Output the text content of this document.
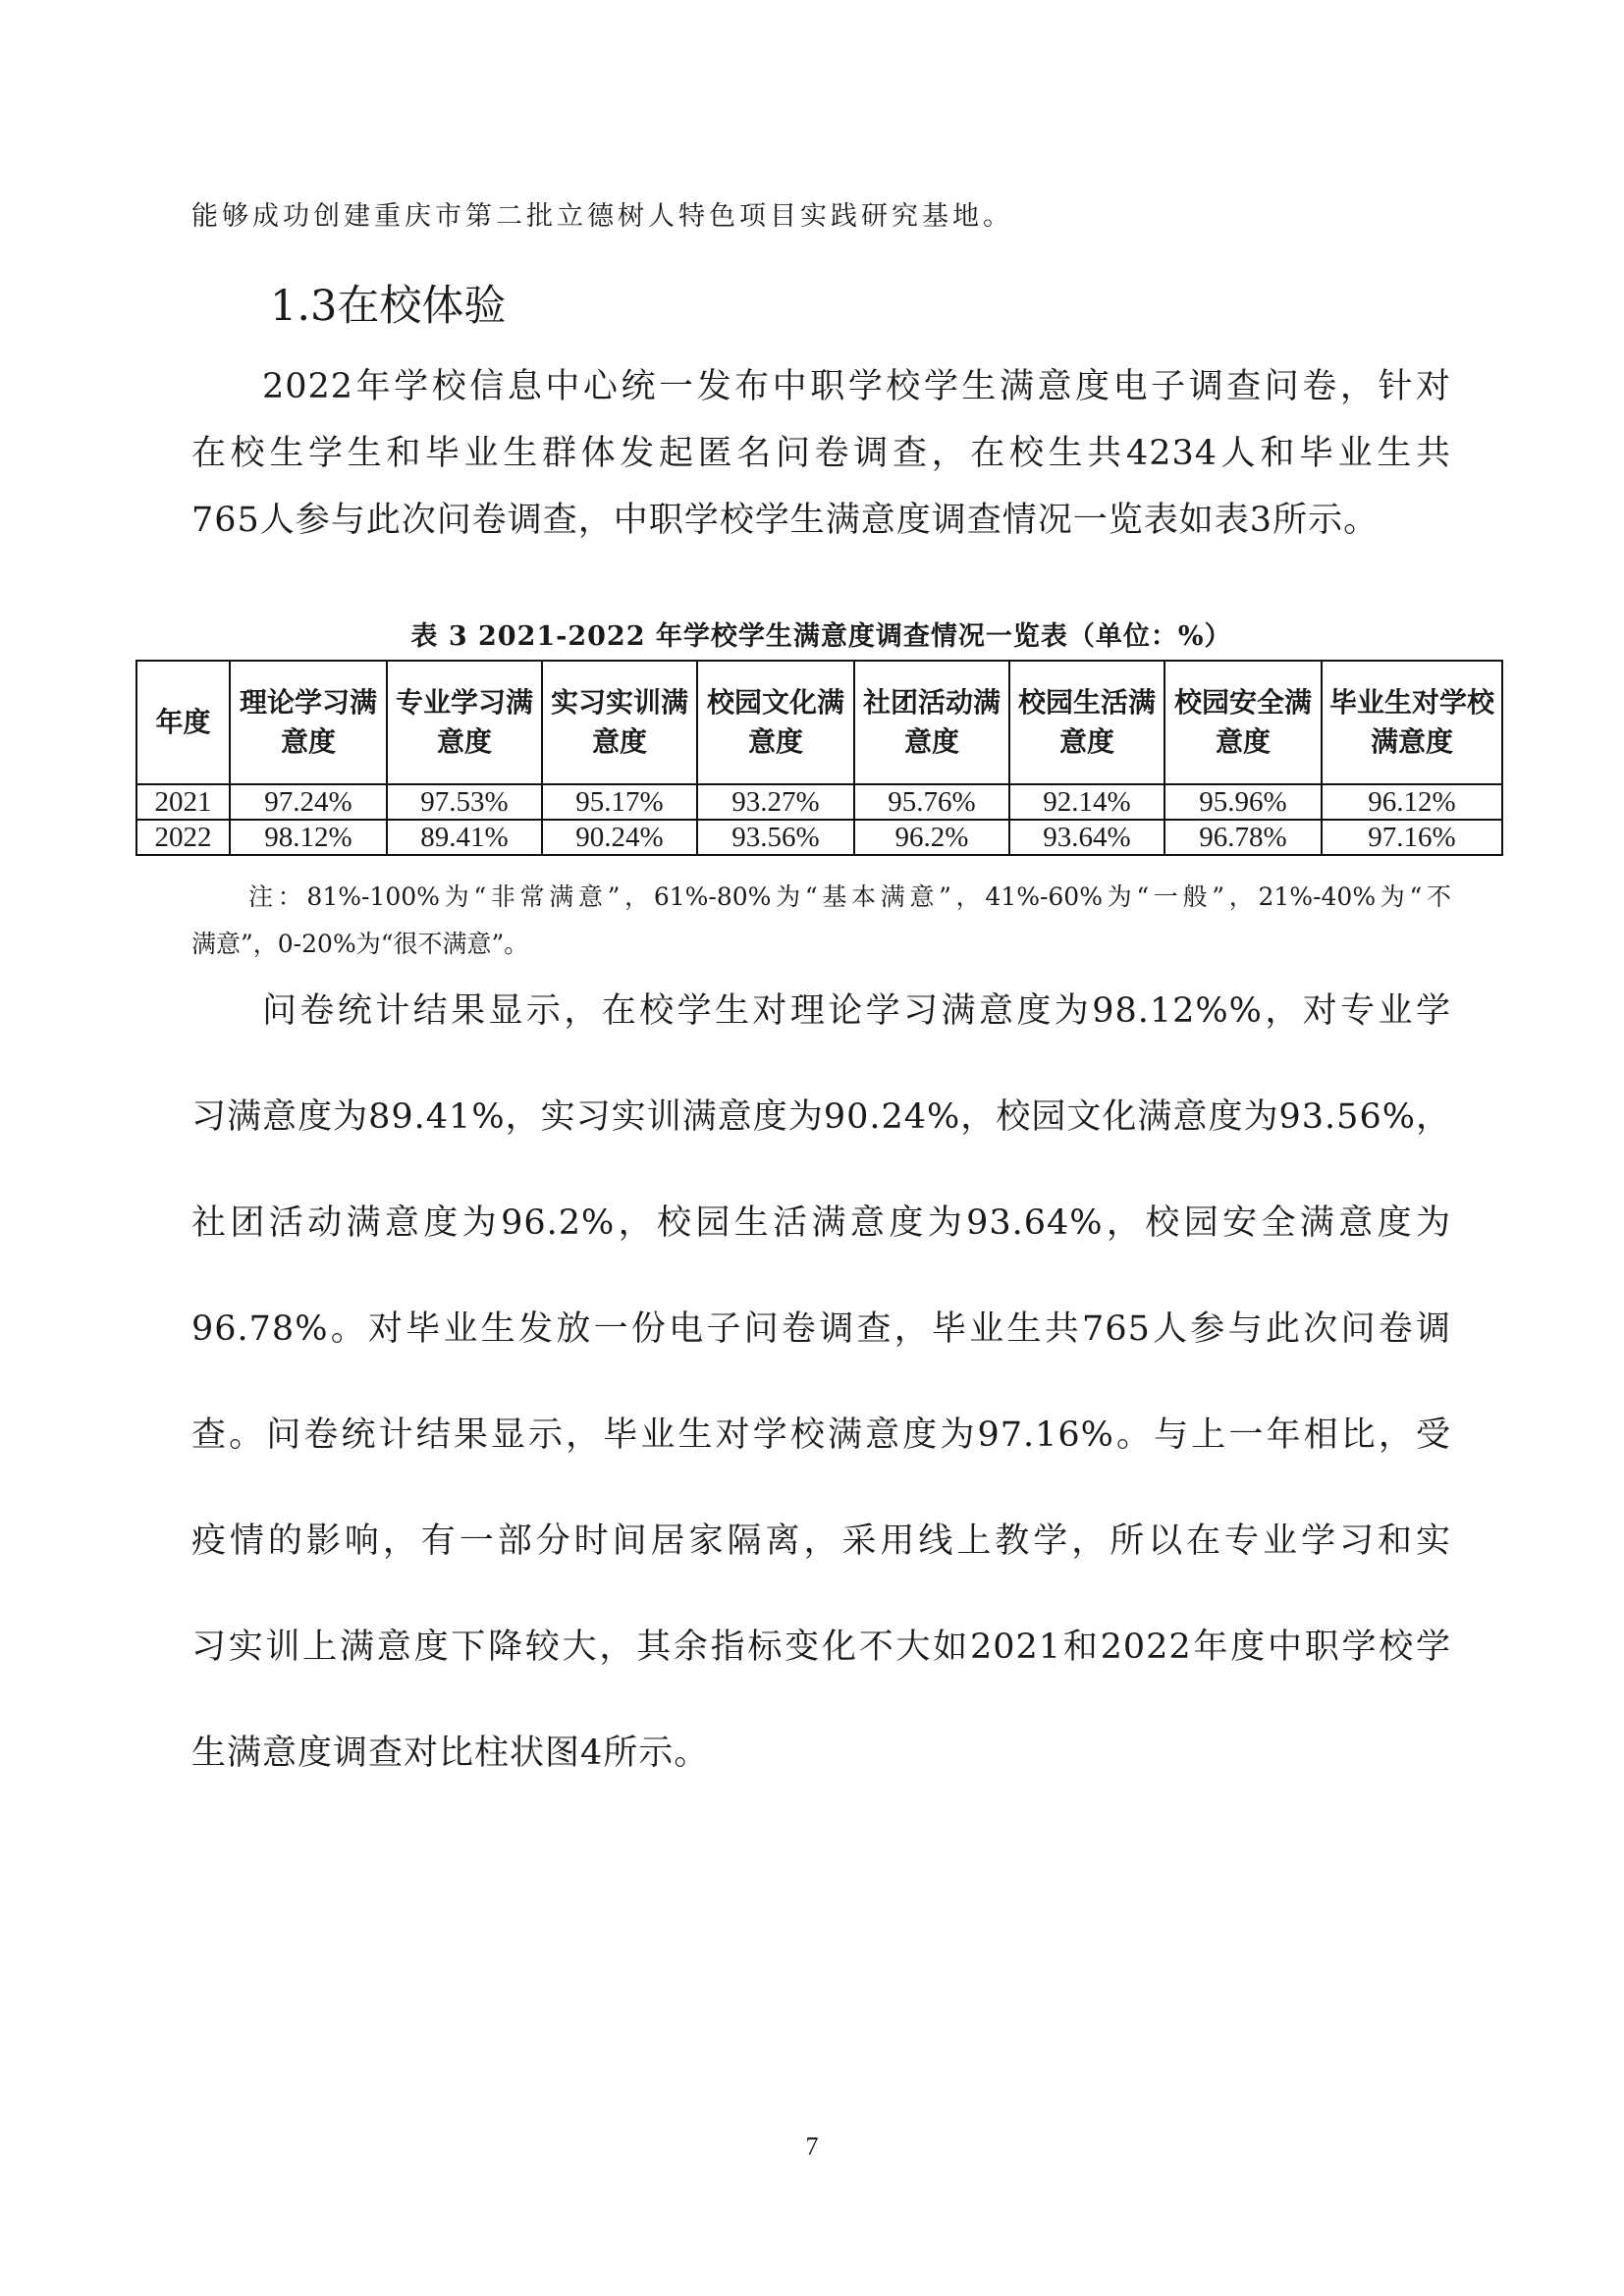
能够成功创建重庆市第二批立德树人特色项目实践研究基地。
1.3在校体验
2022年学校信息中心统一发布中职学校学生满意度电子调查问卷，针对
在校生学生和毕业生群体发起匿名问卷调查，在校生共4234人和毕业生共
765人参与此次问卷调查，中职学校学生满意度调查情况一览表如表3所示。
表 3 2021-2022 年学校学生满意度调查情况一览表（单位：%）
年度	理论学习满意度	专业学习满意度	实习实训满意度	校园文化满意度	社团活动满意度	校园生活满意度	校园安全满意度	毕业生对学校满意度
2021	97.24%	97.53%	95.17%	93.27%	95.76%	92.14%	95.96%	96.12%
2022	98.12%	89.41%	90.24%	93.56%	96.2%	93.64%	96.78%	97.16%
注：81%-100%为“非常满意”，61%-80%为“基本满意”，41%-60%为“一般”，21%-40%为“不
满意”，0-20%为“很不满意”。
问卷统计结果显示，在校学生对理论学习满意度为98.12%%，对专业学
习满意度为89.41%，实习实训满意度为90.24%，校园文化满意度为93.56%，
社团活动满意度为96.2%，校园生活满意度为93.64%，校园安全满意度为
96.78%。对毕业生发放一份电子问卷调查，毕业生共765人参与此次问卷调
查。问卷统计结果显示，毕业生对学校满意度为97.16%。与上一年相比，受
疫情的影响，有一部分时间居家隔离，采用线上教学，所以在专业学习和实
习实训上满意度下降较大，其余指标变化不大如2021和2022年度中职学校学
生满意度调查对比柱状图4所示。
7
